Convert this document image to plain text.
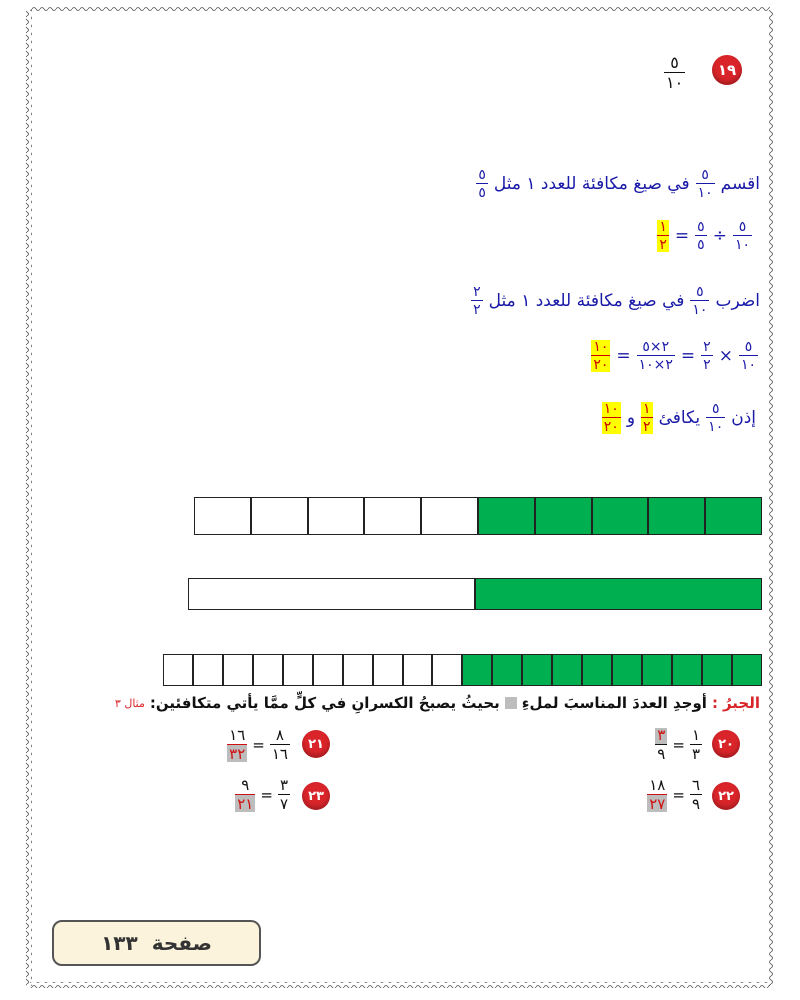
١٩
$\frac{٥}{١٠}$
اقسم
$\frac{٥}{١٠}$
في صيغ مكافئة للعدد ١ مثل
$\frac{٥}{٥}$
$\frac{٥}{١٠}$
÷
$\frac{٥}{٥}$
=
$\frac{١}{٢}$
اضرب
$\frac{٥}{١٠}$
في صيغ مكافئة للعدد ١ مثل
$\frac{٢}{٢}$
$\frac{٥}{١٠}$
×
$\frac{٢}{٢}$
=
$\frac{٢\times ٥}{٢\times ١٠}$
=
$\frac{١٠}{٢٠}$
إذن
$\frac{٥}{١٠}$
يكافئ
$\frac{١}{٢}$
و
$\frac{١٠}{٢٠}$
الجبرُ
:
أوجدِ العددَ المناسبَ لملءِ
بحيثُ يصبحُ الكسرانِ في كلٍّ ممَّا يأتي متكافئين:
مثال ٣
٢٠
$\frac{١}{٣}$
=
$\frac{٣}{٩}$
٢١
$\frac{٨}{١٦}$
=
$\frac{١٦}{٣٢}$
٢٢
$\frac{٦}{٩}$
=
$\frac{١٨}{٢٧}$
٢٣
$\frac{٣}{٧}$
=
$\frac{٩}{٢١}$
صفحة
١٣٣
